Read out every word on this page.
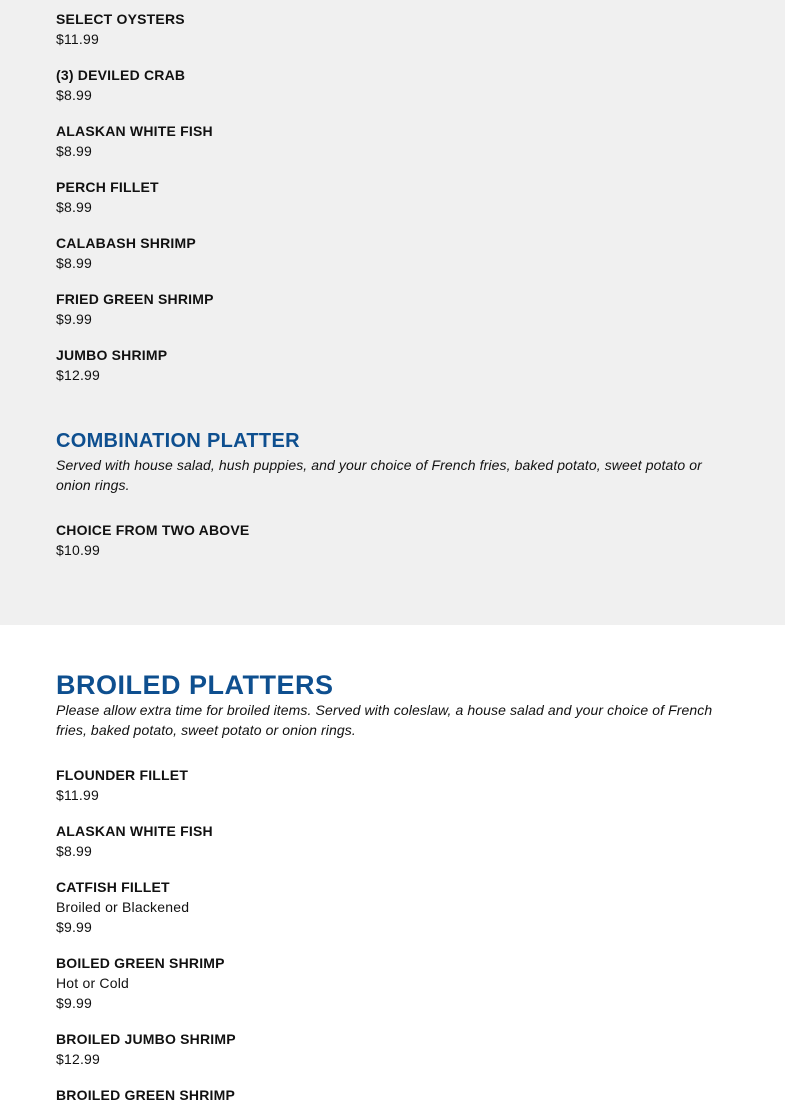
SELECT OYSTERS
$11.99
(3) DEVILED CRAB
$8.99
ALASKAN WHITE FISH
$8.99
PERCH FILLET
$8.99
CALABASH SHRIMP
$8.99
FRIED GREEN SHRIMP
$9.99
JUMBO SHRIMP
$12.99
COMBINATION PLATTER
Served with house salad, hush puppies, and your choice of French fries, baked potato, sweet potato or onion rings.
CHOICE FROM TWO ABOVE
$10.99
BROILED PLATTERS
Please allow extra time for broiled items. Served with coleslaw, a house salad and your choice of French fries, baked potato, sweet potato or onion rings.
FLOUNDER FILLET
$11.99
ALASKAN WHITE FISH
$8.99
CATFISH FILLET
Broiled or Blackened
$9.99
BOILED GREEN SHRIMP
Hot or Cold
$9.99
BROILED JUMBO SHRIMP
$12.99
BROILED GREEN SHRIMP
